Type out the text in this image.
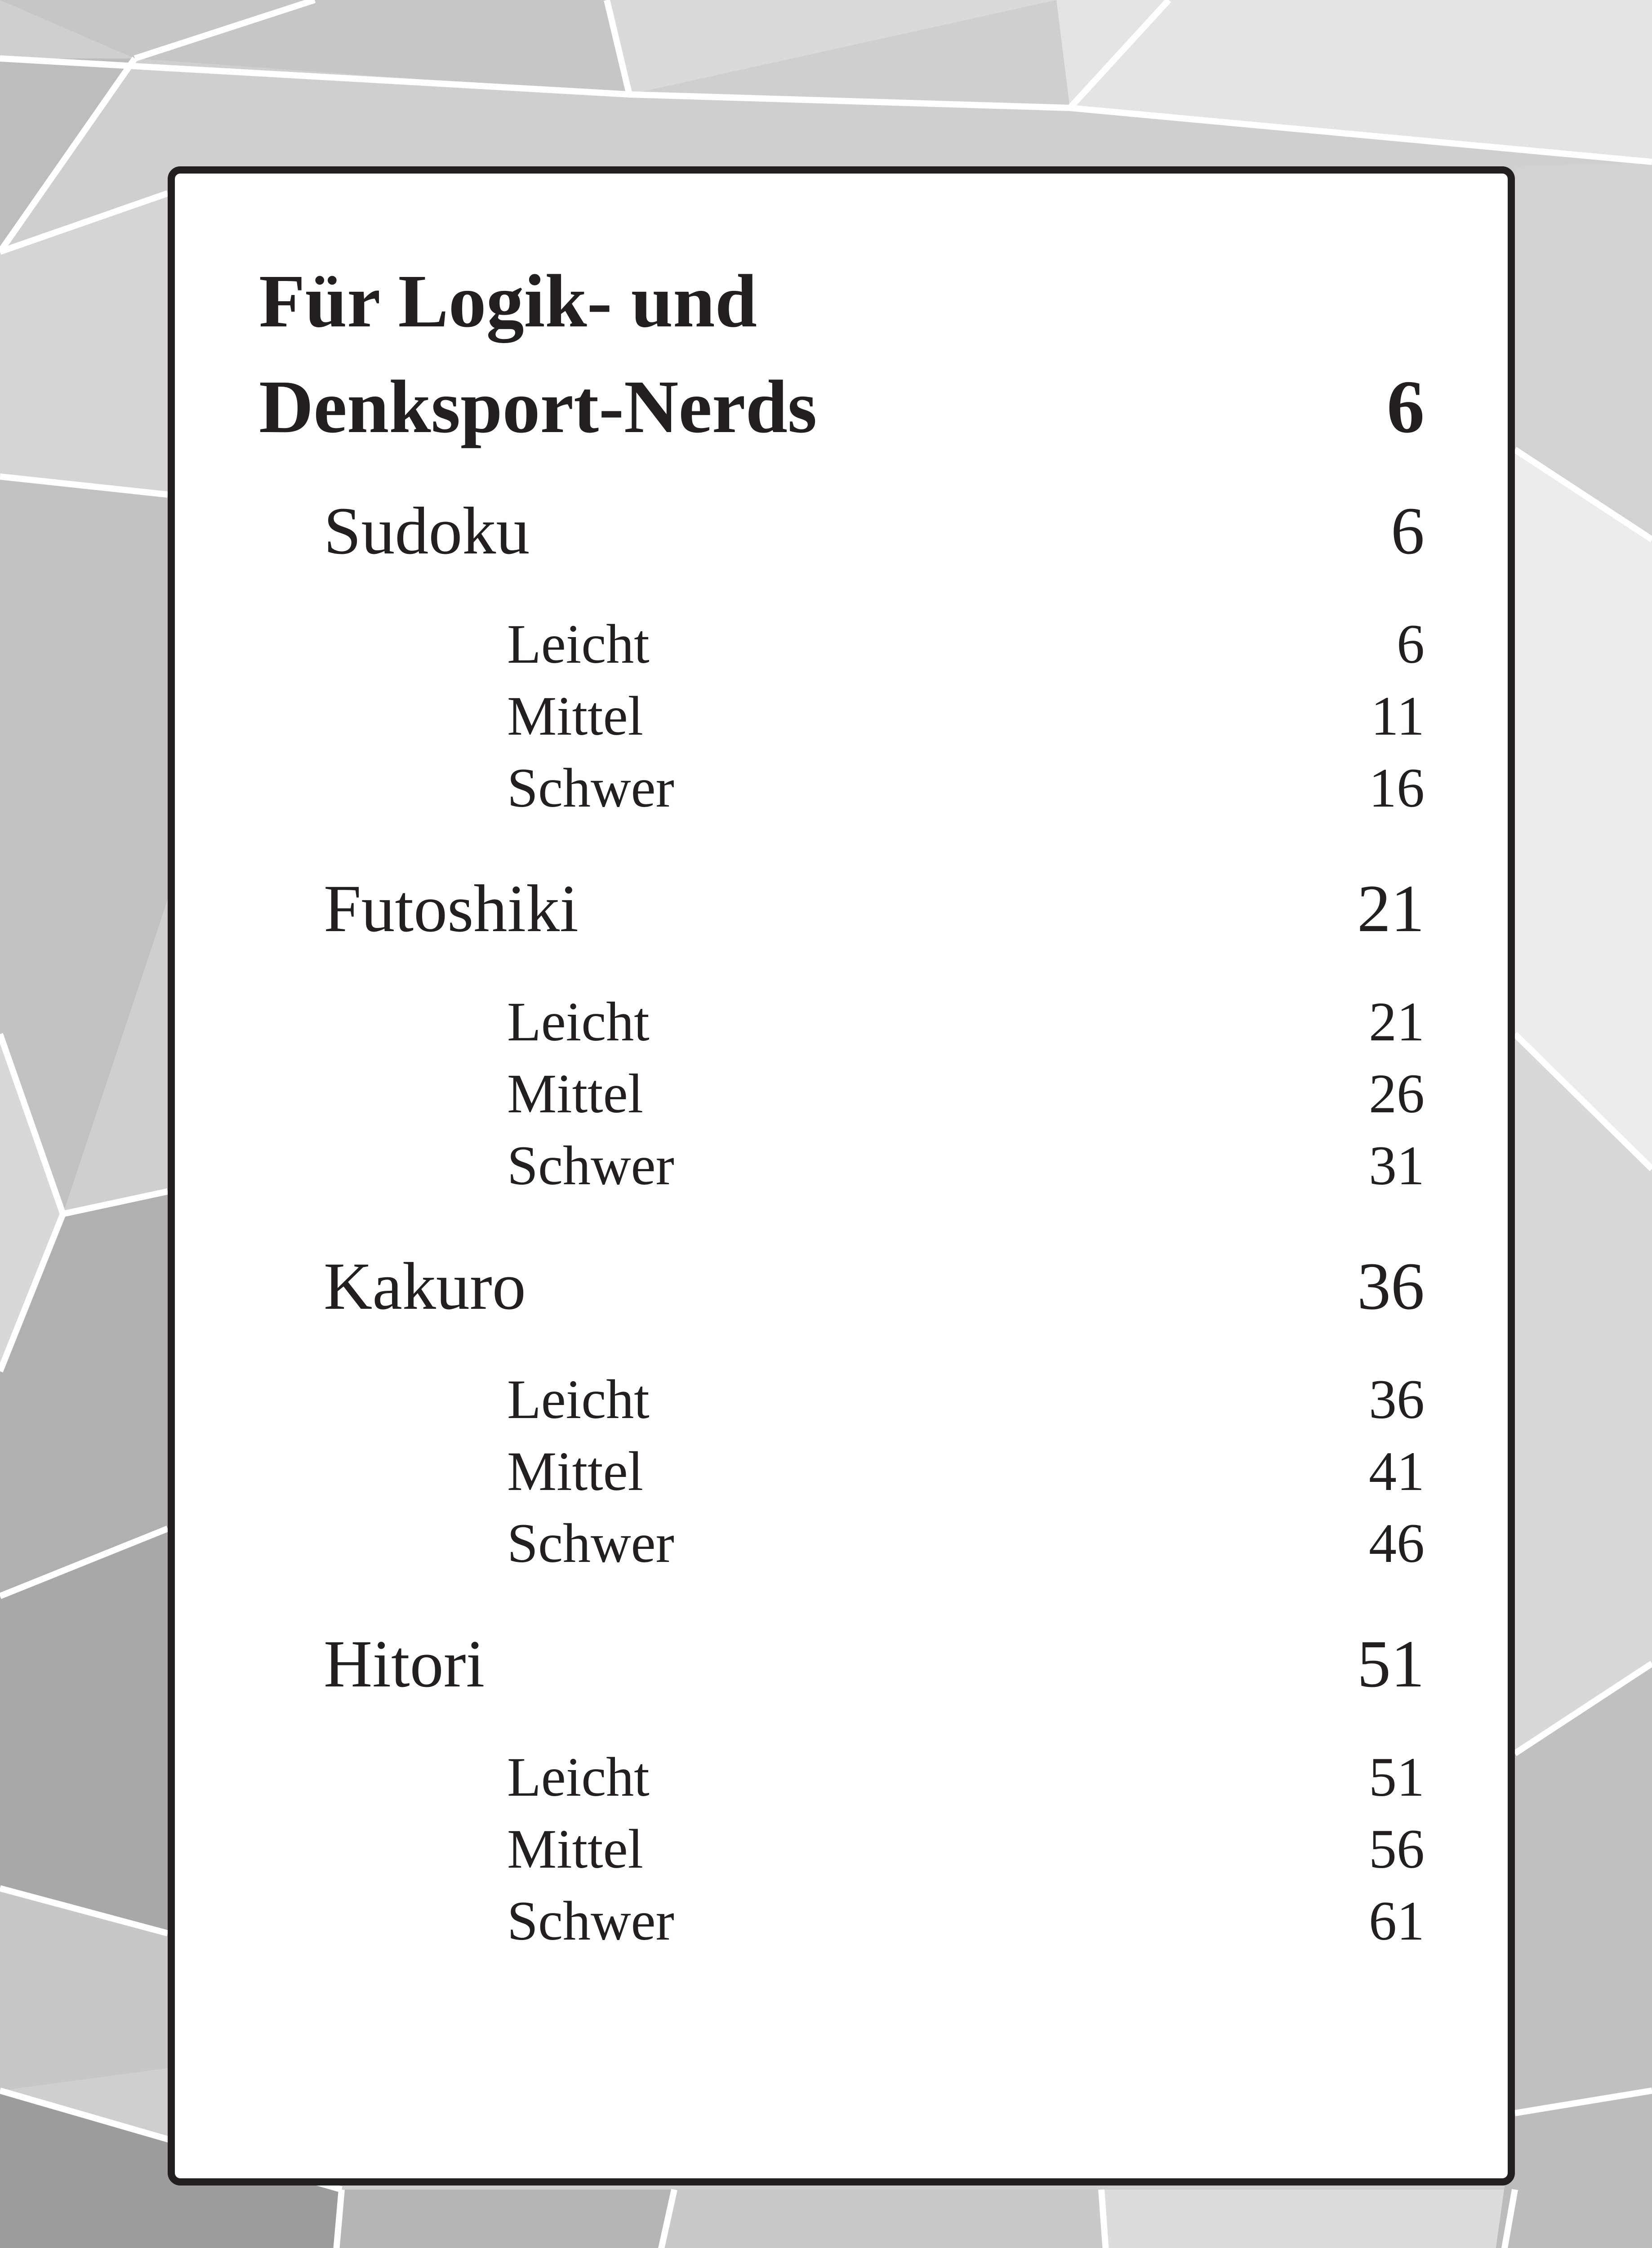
Für Logik- und
Denksport-Nerds	6
Sudoku	6
Leicht	6
Mittel	11
Schwer	16
Futoshiki	21
Leicht	21
Mittel	26
Schwer	31
Kakuro	36
Leicht	36
Mittel	41
Schwer	46
Hitori	51
Leicht	51
Mittel	56
Schwer	61
